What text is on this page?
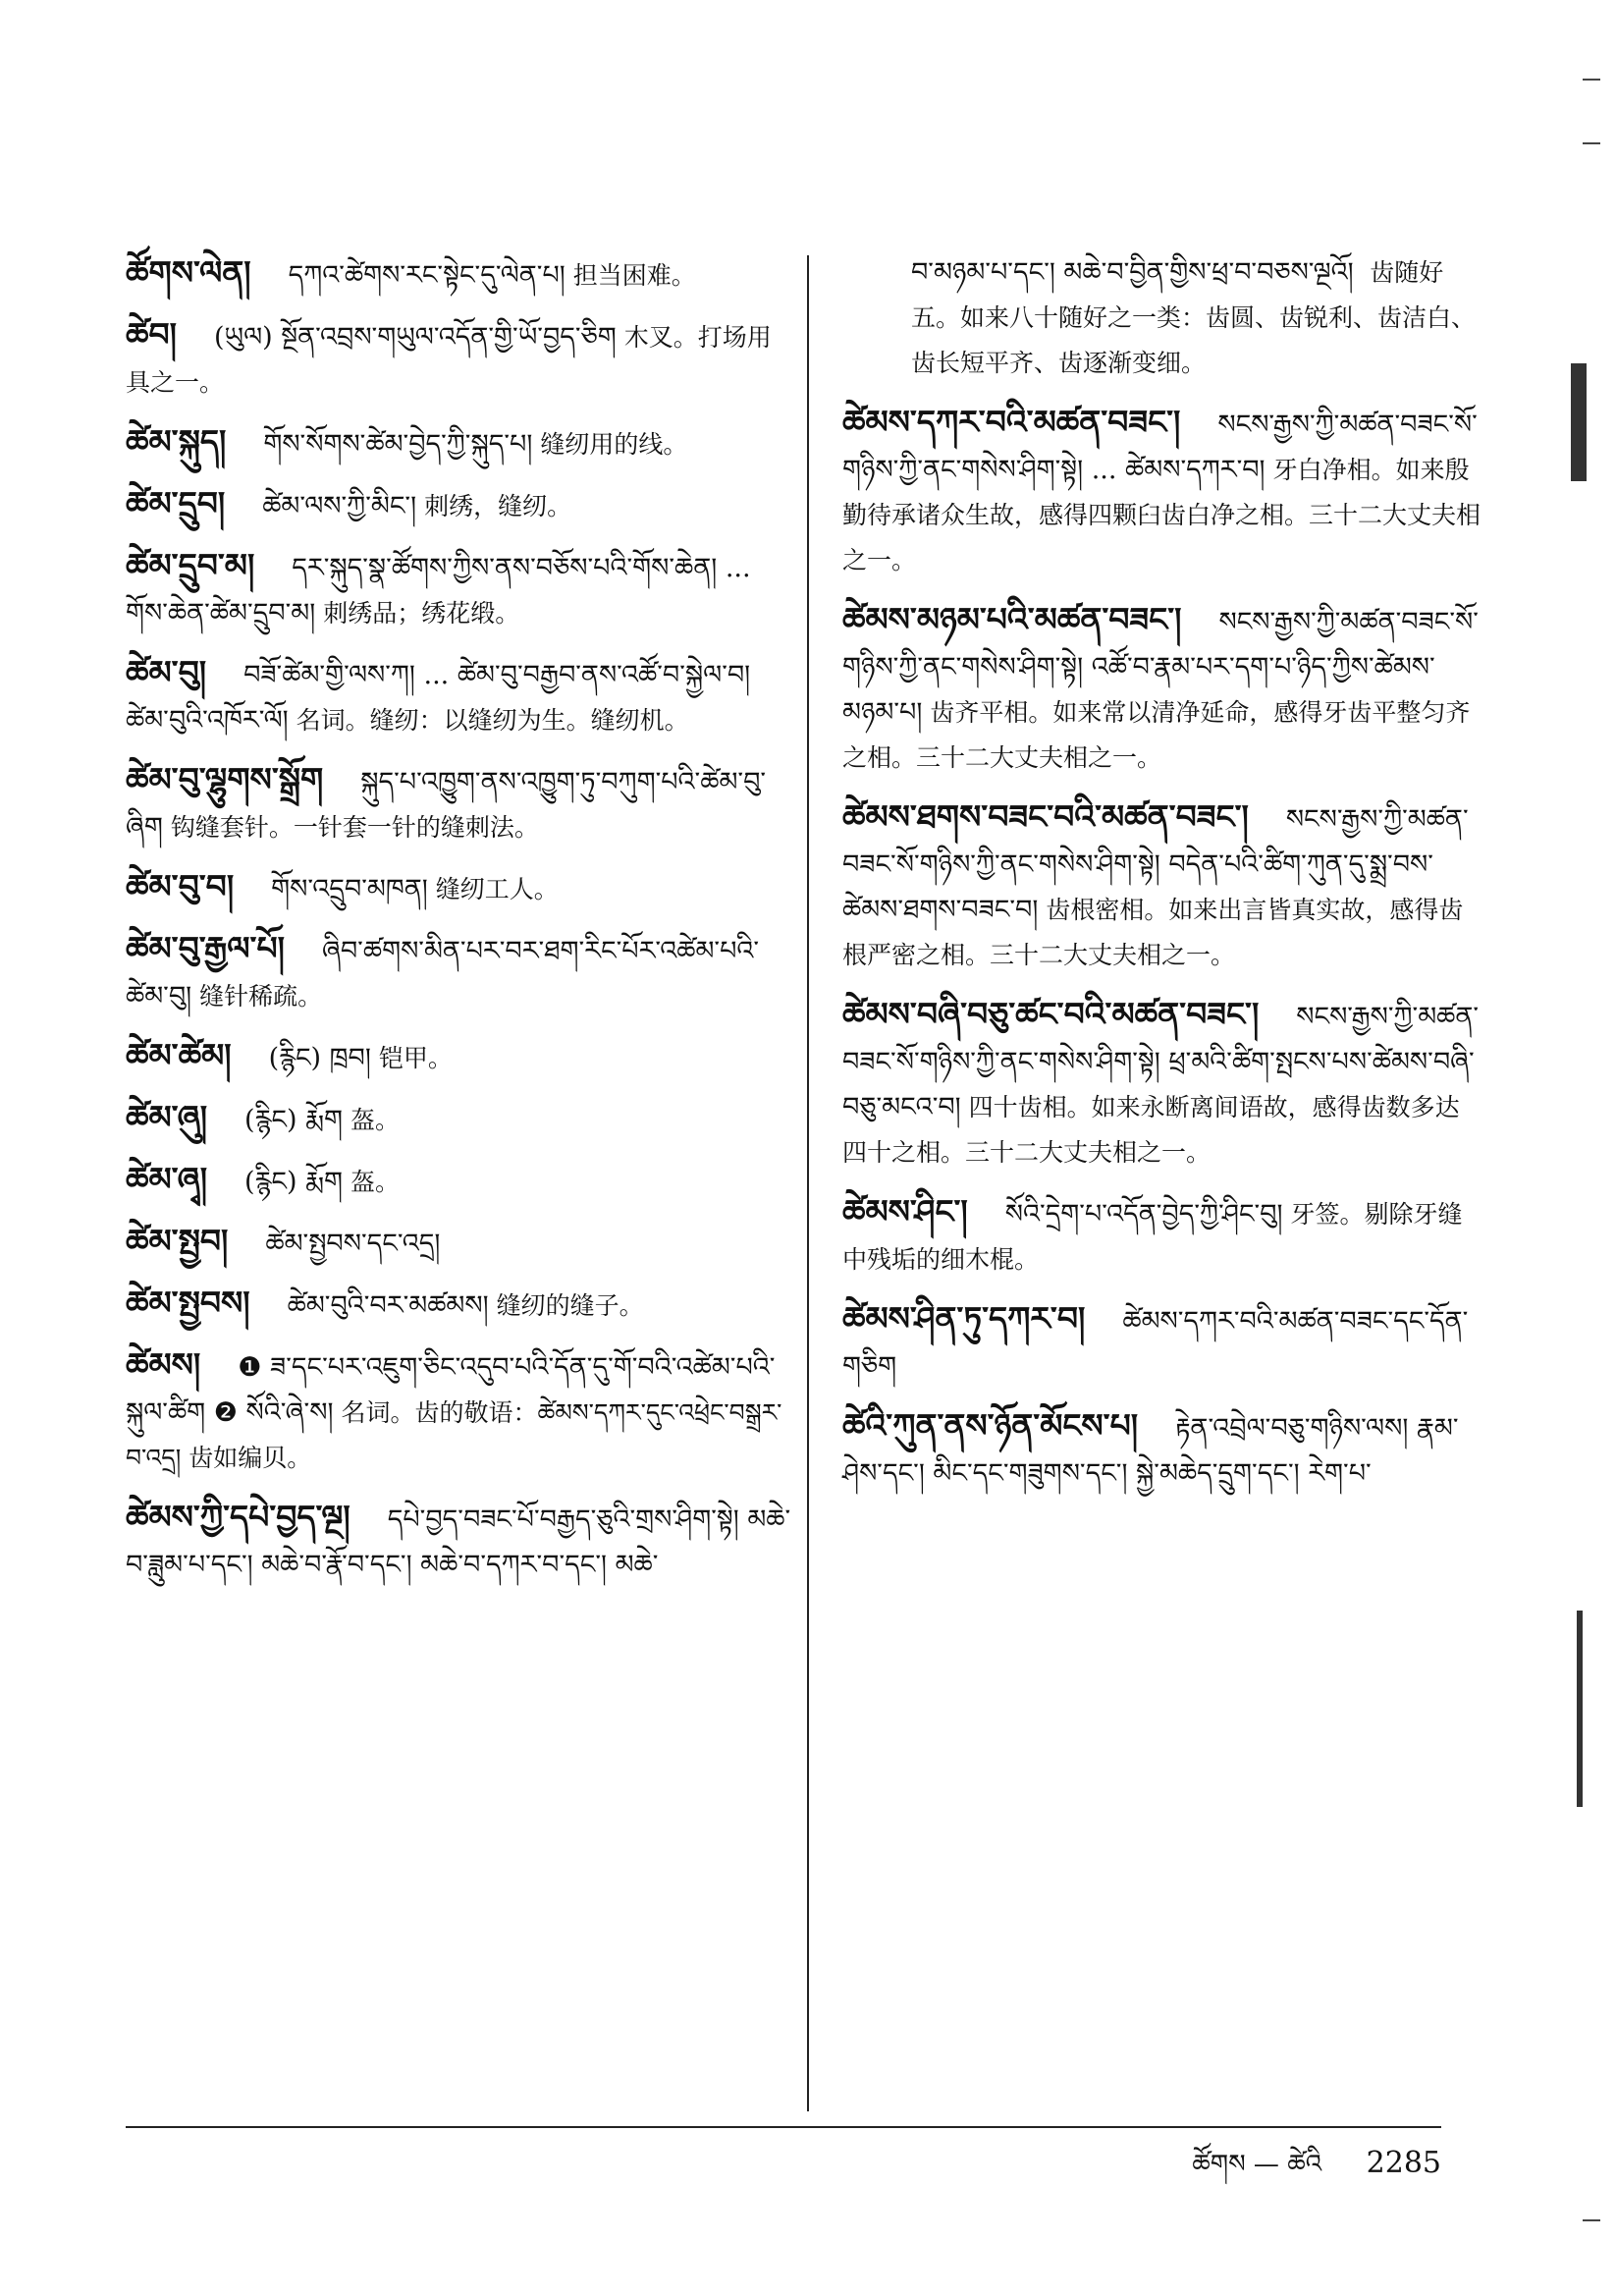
ཚོགས་ལེན། དཀའ་ཚེགས་རང་སྟེང་དུ་ལེན་པ། 担当困难。
ཚེབ། (ཡུལ) སྔོན་འབྲས་གཡུལ་འདོན་གྱི་ཡོ་བྱད་ཅིག 木叉。打场用具之一。
ཚེམ་སྐུད། གོས་སོགས་ཚེམ་བྱེད་ཀྱི་སྐུད་པ། 缝纫用的线。
ཚེམ་དྲུབ། ཚེམ་ལས་ཀྱི་མིང་། 刺绣，缝纫。
ཚེམ་དྲུབ་མ། དར་སྐུད་སྣ་ཚོགས་ཀྱིས་ནས་བཅོས་པའི་གོས་ཆེན། ... གོས་ཆེན་ཚེམ་དྲུབ་མ། 刺绣品；绣花缎。
ཚེམ་བུ། བཟོ་ཚེམ་གྱི་ལས་ཀ། ... ཚེམ་བུ་བརྒྱབ་ནས་འཚོ་བ་སྐྱེལ་བ། ཚེམ་བུའི་འཁོར་ལོ། 名词。缝纫：以缝纫为生。缝纫机。
ཚེམ་བུ་ལྷུགས་སྒྲོག སྐུད་པ་འཁྱུག་ནས་འཁྱུག་ཏུ་བཀུག་པའི་ཚེམ་བུ་ཞིག 钩缝套针。一针套一针的缝刺法。
ཚེམ་བུ་བ། གོས་འདྲུབ་མཁན། 缝纫工人。
ཚེམ་བུ་རྒྱལ་པོ། ཞིབ་ཚགས་མིན་པར་བར་ཐག་རིང་པོར་འཚེམ་པའི་ཚེམ་བུ། 缝针稀疏。
ཚེམ་ཚེམ། (རྙིང) ཁྲབ། 铠甲。
ཚེམ་ཞུ། (རྙིང) རྨོག 盔。
ཚེམ་ཞྭ། (རྙིང) རྨོག 盔。
ཚེམ་སྤྱབ། ཚེམ་སྤྱབས་དང་འདྲ།
ཚེམ་སྤྱབས། ཚེམ་བུའི་བར་མཚམས། 缝纫的缝子。
ཚེམས། ❶ ཟ་དང་པར་འཇུག་ཅིང་འདུབ་པའི་དོན་དུ་གོ་བའི་འཚེམ་པའི་སྐུལ་ཚིག ❷ སོའི་ཞེ་ས། 名词。齿的敬语：ཚེམས་དཀར་དུང་འཕྲེང་བསྒྲར་བ་འདྲ། 齿如编贝。
ཚེམས་ཀྱི་དཔེ་བྱད་ལྔ། དཔེ་བྱད་བཟང་པོ་བརྒྱད་ཅུའི་གྲས་ཤིག་སྟེ། མཆེ་བ་ཟླུམ་པ་དང་། མཆེ་བ་རྣོ་བ་དང་། མཆེ་བ་དཀར་བ་དང་། མཆེ་
བ་མཉམ་པ་དང་། མཆེ་བ་བྱིན་གྱིས་ཕྲ་བ་བཅས་ལྔའོ། 齿随好五。如来八十随好之一类：齿圆、齿锐利、齿洁白、齿长短平齐、齿逐渐变细。
ཚེམས་དཀར་བའི་མཚན་བཟང་། སངས་རྒྱས་ཀྱི་མཚན་བཟང་སོ་གཉིས་ཀྱི་ནང་གསེས་ཤིག་སྟེ། ... ཚེམས་དཀར་བ། 牙白净相。如来殷勤待承诸众生故，感得四颗臼齿白净之相。三十二大丈夫相之一。
ཚེམས་མཉམ་པའི་མཚན་བཟང་། སངས་རྒྱས་ཀྱི་མཚན་བཟང་སོ་གཉིས་ཀྱི་ནང་གསེས་ཤིག་སྟེ། འཚོ་བ་རྣམ་པར་དག་པ་ཉིད་ཀྱིས་ཚེམས་མཉམ་པ། 齿齐平相。如来常以清净延命，感得牙齿平整匀齐之相。三十二大丈夫相之一。
ཚེམས་ཐགས་བཟང་བའི་མཚན་བཟང་། སངས་རྒྱས་ཀྱི་མཚན་བཟང་སོ་གཉིས་ཀྱི་ནང་གསེས་ཤིག་སྟེ། བདེན་པའི་ཚིག་ཀུན་དུ་སྨྲ་བས་ཚེམས་ཐགས་བཟང་བ། 齿根密相。如来出言皆真实故，感得齿根严密之相。三十二大丈夫相之一。
ཚེམས་བཞི་བཅུ་ཚང་བའི་མཚན་བཟང་། སངས་རྒྱས་ཀྱི་མཚན་བཟང་སོ་གཉིས་ཀྱི་ནང་གསེས་ཤིག་སྟེ། ཕྲ་མའི་ཚིག་སྤངས་པས་ཚེམས་བཞི་བཅུ་མངའ་བ། 四十齿相。如来永断离间语故，感得齿数多达四十之相。三十二大丈夫相之一。
ཚེམས་ཤིང་། སོའི་དྲེག་པ་འདོན་བྱེད་ཀྱི་ཤིང་བུ། 牙签。剔除牙缝中残垢的细木棍。
ཚེམས་ཤིན་ཏུ་དཀར་བ། ཚེམས་དཀར་བའི་མཚན་བཟང་དང་དོན་གཅིག
ཚེའི་ཀུན་ནས་ཉོན་མོངས་པ། རྟེན་འབྲེལ་བཅུ་གཉིས་ལས། རྣམ་ཤེས་དང་། མིང་དང་གཟུགས་དང་། སྐྱེ་མཆེད་དྲུག་དང་། རེག་པ་
ཚོགས — ཚེའི 2285
